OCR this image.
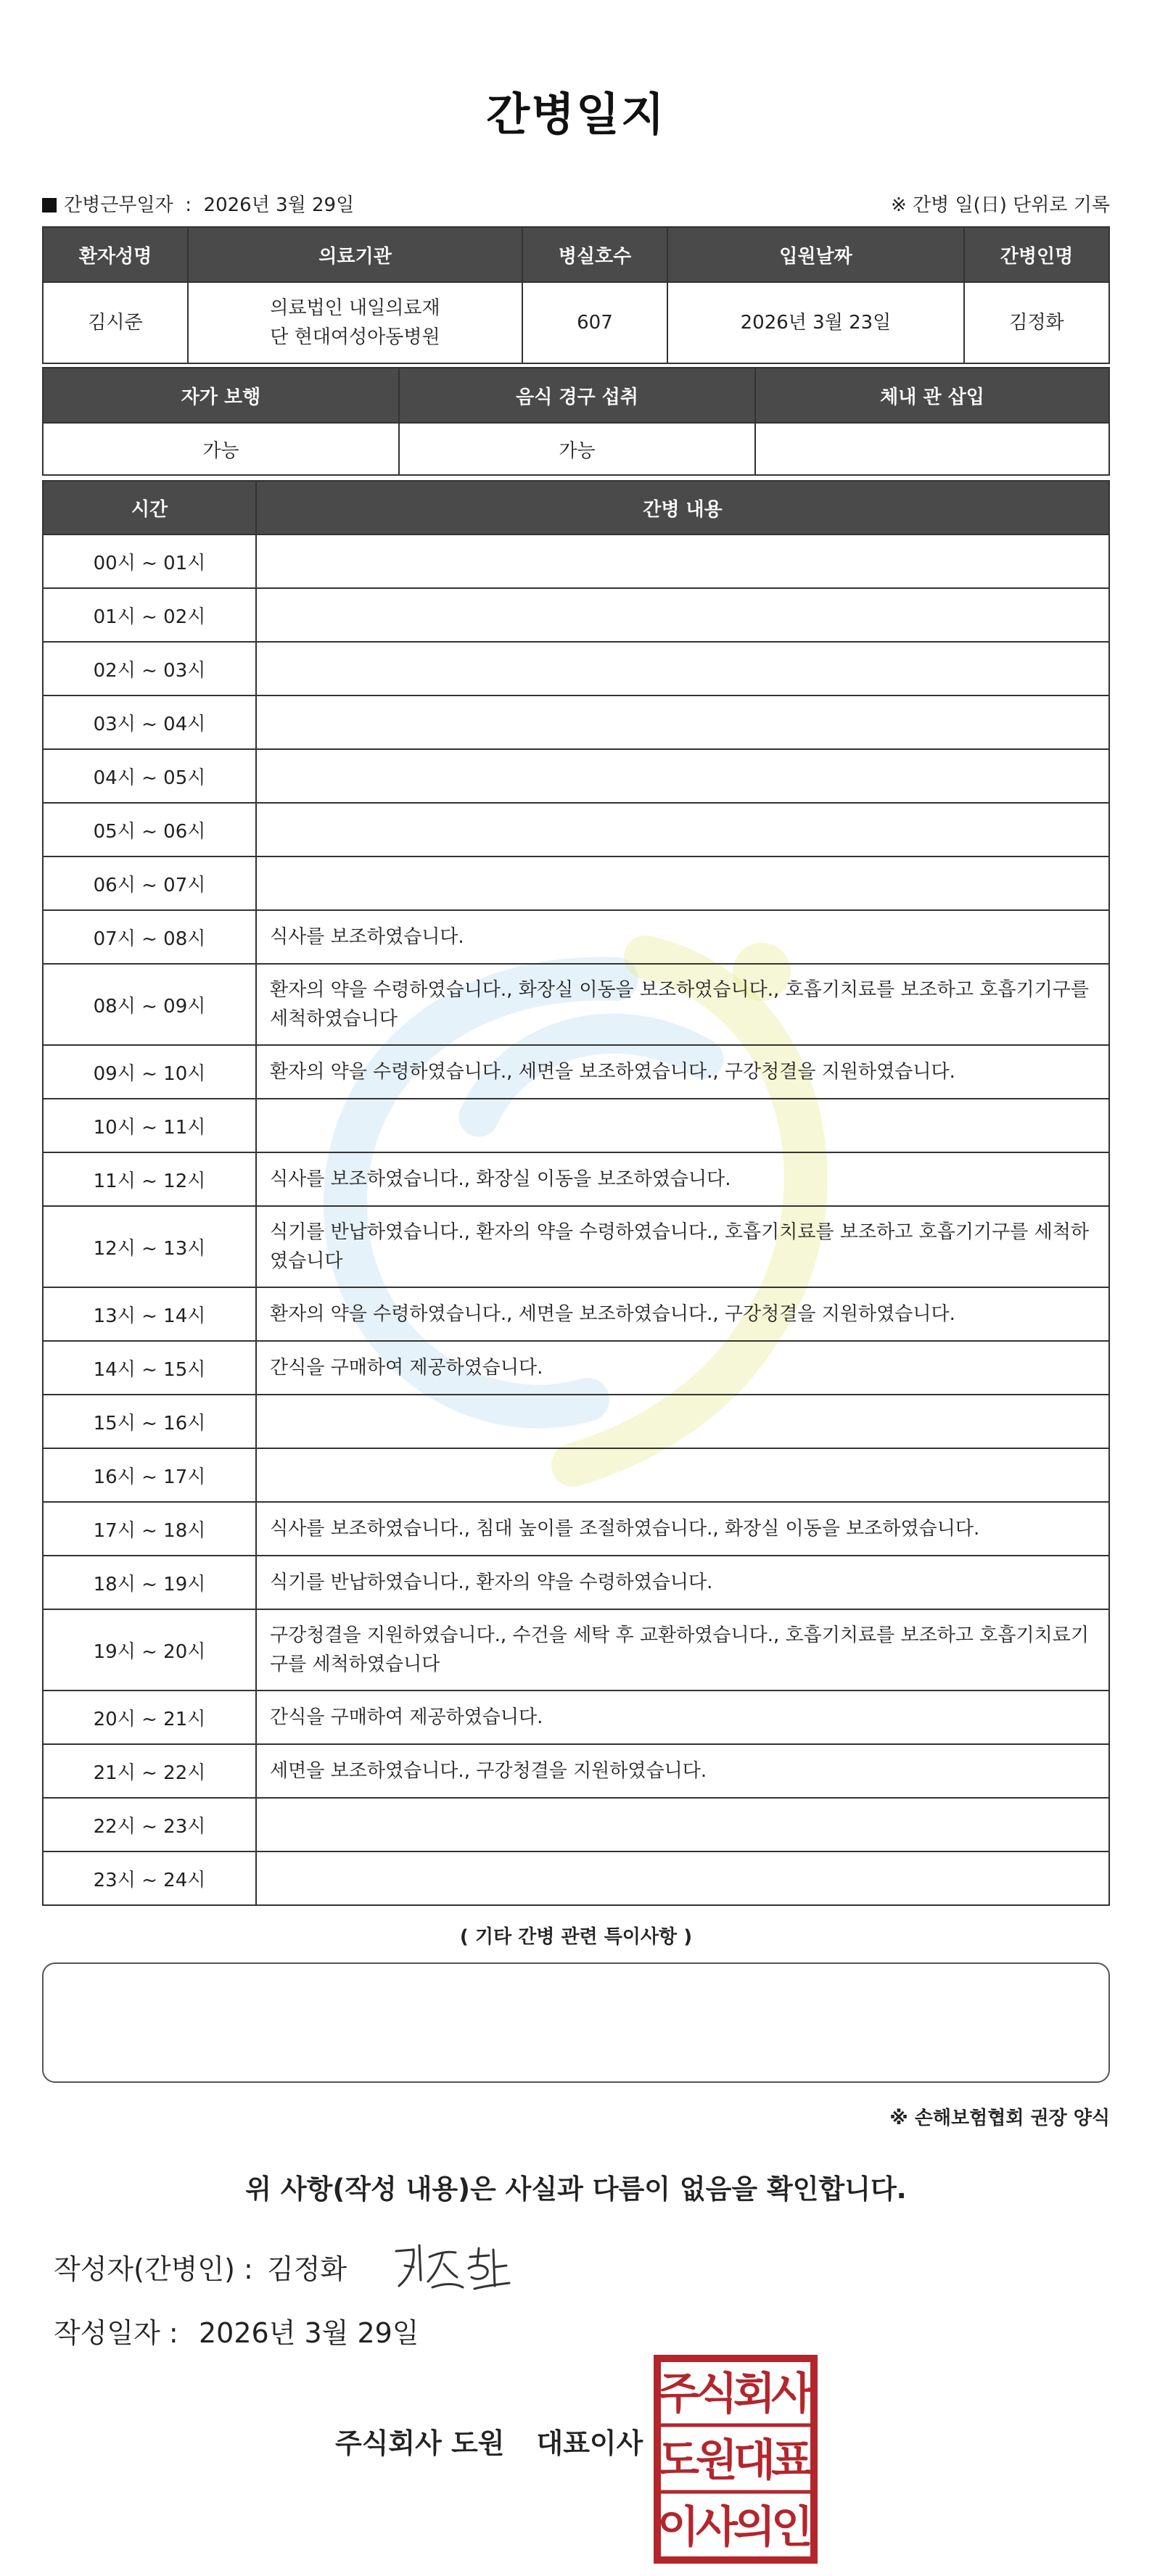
간병일지
간병근무일자  :  2026년 3월 29일	※ 간병 일(日) 단위로 기록
환자성명	의료기관	병실호수	입원날짜	간병인명
김시준	의료법인 내일의료재
단 현대여성아동병원	607	2026년 3월 23일	김정화
자가 보행	음식 경구 섭취	체내 관 삽입
가능	가능	
시간	간병 내용
00시 ~ 01시	
01시 ~ 02시	
02시 ~ 03시	
03시 ~ 04시	
04시 ~ 05시	
05시 ~ 06시	
06시 ~ 07시	
07시 ~ 08시	식사를 보조하였습니다.
08시 ~ 09시	환자의 약을 수령하였습니다., 화장실 이동을 보조하였습니다., 호흡기치료를 보조하고 호흡기기구를 세척하였습니다
09시 ~ 10시	환자의 약을 수령하였습니다., 세면을 보조하였습니다., 구강청결을 지원하였습니다.
10시 ~ 11시	
11시 ~ 12시	식사를 보조하였습니다., 화장실 이동을 보조하였습니다.
12시 ~ 13시	식기를 반납하였습니다., 환자의 약을 수령하였습니다., 호흡기치료를 보조하고 호흡기기구를 세척하였습니다
13시 ~ 14시	환자의 약을 수령하였습니다., 세면을 보조하였습니다., 구강청결을 지원하였습니다.
14시 ~ 15시	간식을 구매하여 제공하였습니다.
15시 ~ 16시	
16시 ~ 17시	
17시 ~ 18시	식사를 보조하였습니다., 침대 높이를 조절하였습니다., 화장실 이동을 보조하였습니다.
18시 ~ 19시	식기를 반납하였습니다., 환자의 약을 수령하였습니다.
19시 ~ 20시	구강청결을 지원하였습니다., 수건을 세탁 후 교환하였습니다., 호흡기치료를 보조하고 호흡기치료기구를 세척하였습니다
20시 ~ 21시	간식을 구매하여 제공하였습니다.
21시 ~ 22시	세면을 보조하였습니다., 구강청결을 지원하였습니다.
22시 ~ 23시	
23시 ~ 24시	
( 기타 간병 관련 특이사항 )
※ 손해보험협회 권장 양식
위 사항(작성 내용)은 사실과 다름이 없음을 확인합니다.
작성자(간병인) : 김정화
작성일자 : 2026년 3월 29일
주식회사 도원 대표이사
주
식
회
사
도
원
대
표
이
사
의
인
